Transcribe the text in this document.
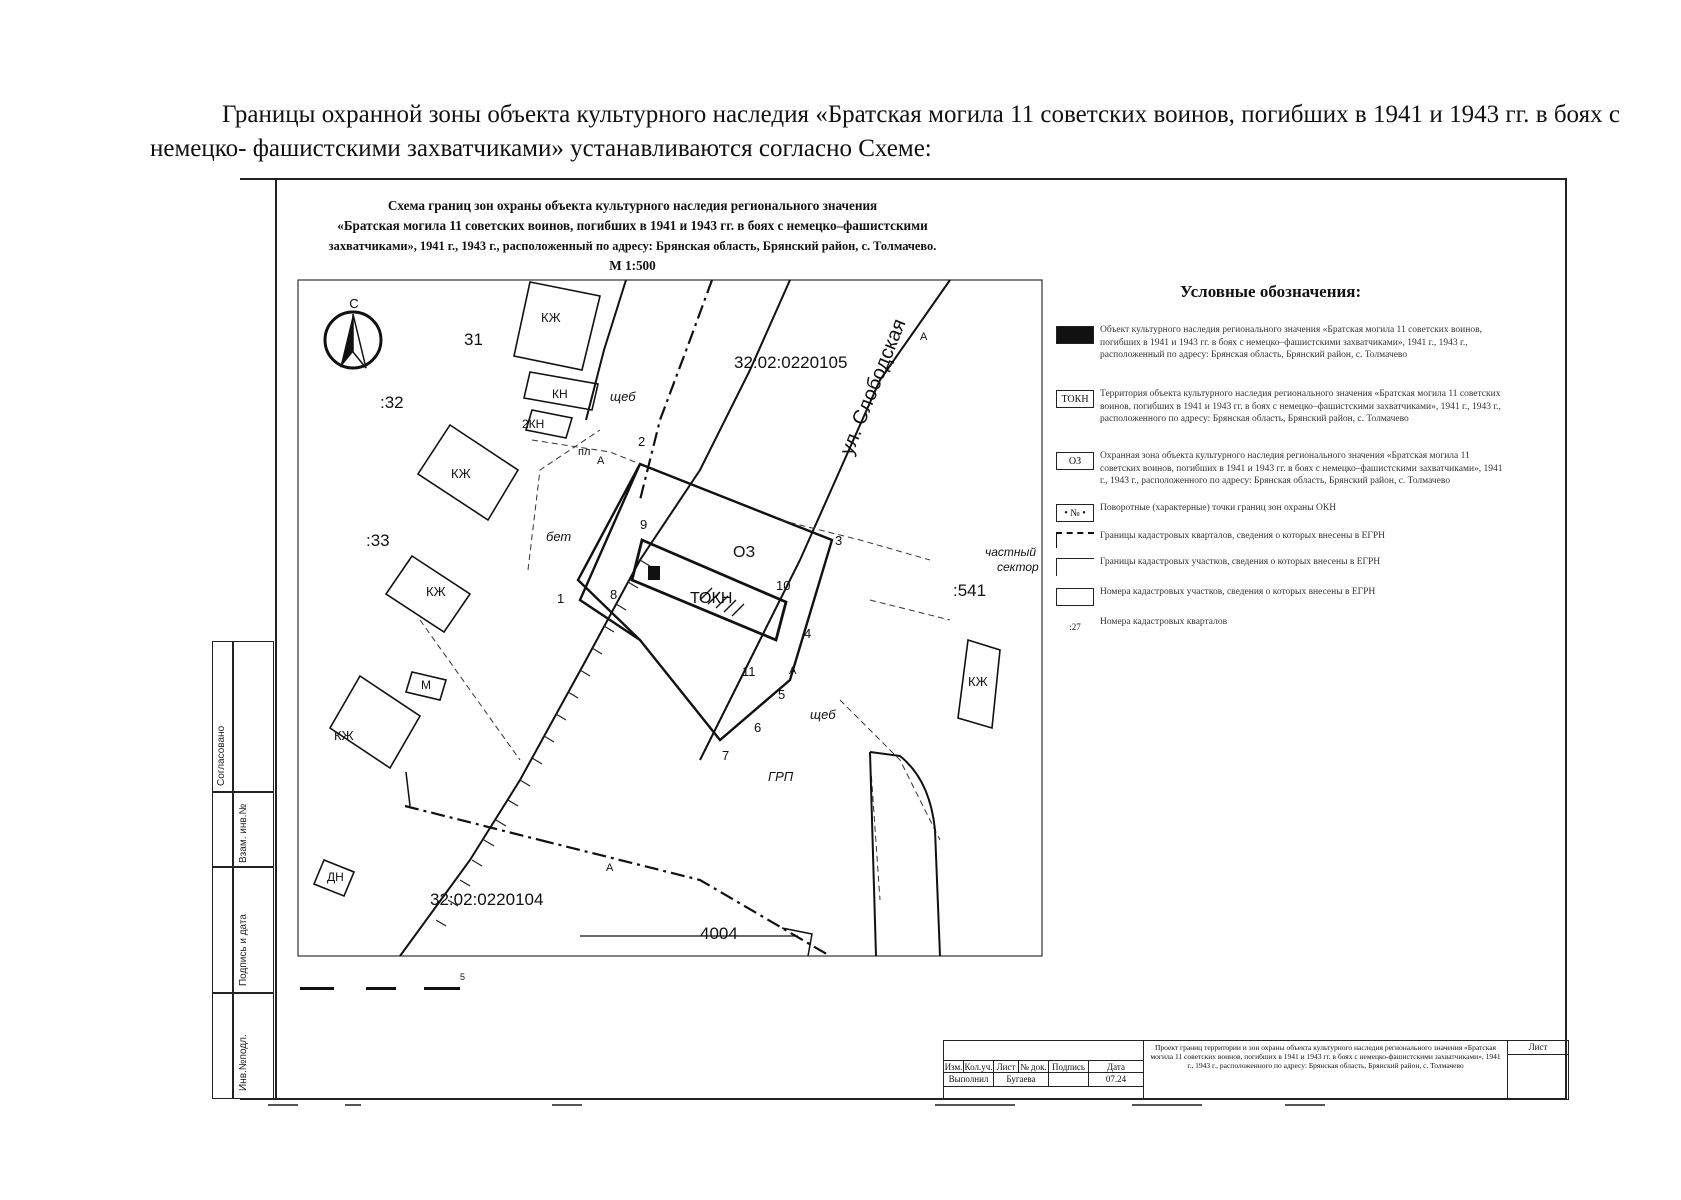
Границы охранной зоны объекта культурного наследия «Братская могила 11 советских воинов, погибших в 1941 и 1943 гг. в боях с немецко- фашистскими захватчиками» устанавливаются согласно Схеме:
Согласовано
Взам. инв.№
Подпись и дата
Инв.№подл.
Схема границ зон охраны объекта культурного наследия регионального значения
«Братская могила 11 советских воинов, погибших в 1941 и 1943 гг. в боях с немецко–фашистскими
захватчиками», 1941 г., 1943 г., расположенный по адресу: Брянская область, Брянский район, с. Толмачево.
М 1:500
С
ул. Слободская
32:02:0220105
32:02:0220104
31
:32
:33
:541
4004
ОЗ
ТОКН
КЖ
КН
2КН
КЖ
КЖ
КЖ
КЖ
М
ДН
пл
щеб
бет
щеб
ГРП
A
A
A
A
сектор
частный
1
2
3
4
5
6
7
8
9
10
11
Условные обозначения:
Объект культурного наследия регионального значения «Братская могила 11 советских воинов, погибших в 1941 и 1943 гг. в боях с немецко–фашистскими захватчиками», 1941 г., 1943 г., расположенный по адресу: Брянская область, Брянский район, с. Толмачево
ТОКН	Территория объекта культурного наследия регионального значения «Братская могила 11 советских воинов, погибших в 1941 и 1943 гг. в боях с немецко–фашистскими захватчиками», 1941 г., 1943 г., расположенного по адресу: Брянская область, Брянский район, с. Толмачево
ОЗ	Охранная зона объекта культурного наследия регионального значения «Братская могила 11 советских воинов, погибших в 1941 и 1943 гг. в боях с немецко–фашистскими захватчиками», 1941 г., 1943 г., расположенного по адресу: Брянская область, Брянский район, с. Толмачево
• № •	Поворотные (характерные) точки границ зон охраны ОКН
Границы кадастровых кварталов, сведения о которых внесены в ЕГРН
Границы кадастровых участков, сведения о которых внесены в ЕГРН
Номера кадастровых участков, сведения о которых внесены в ЕГРН
:27	Номера кадастровых кварталов
5
Изм. Кол.уч. Лист № док. Подпись	Дата
Выполнил	Бугаева	07.24
Проект границ территории и зон охраны объекта культурного наследия регионального значения «Братская могила 11 советских воинов, погибших в 1941 и 1943 гг. в боях с немецко-фашистскими захватчиками», 1941 г., 1943 г., расположенного по адресу: Брянская область, Брянский район, с. Толмачево
Лист
